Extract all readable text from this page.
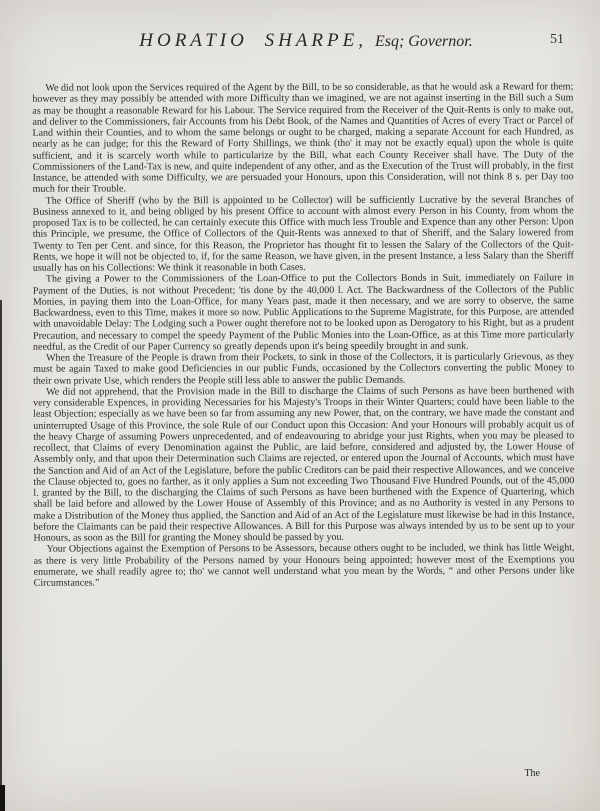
HORATIO SHARPE, Esq; Governor.	51

We did not look upon the Services required of the Agent by the Bill, to be so considerable, as that he would ask a Reward for them; however as they may possibly be attended with more Difficulty than we imagined, we are not against inserting in the Bill such a Sum as may be thought a reasonable Reward for his Labour. The Service required from the Receiver of the Quit-Rents is only to make out, and deliver to the Commissioners, fair Accounts from his Debt Book, of the Names and Quantities of Acres of every Tract or Parcel of Land within their Counties, and to whom the same belongs or ought to be charged, making a separate Account for each Hundred, as nearly as he can judge; for this the Reward of Forty Shillings, we think (tho' it may not be exactly equal) upon the whole is quite sufficient, and it is scarcely worth while to particularize by the Bill, what each County Receiver shall have. The Duty of the Commissioners of the Land-Tax is new, and quite independent of any other, and as the Execution of the Trust will probably, in the first Instance, be attended with some Difficulty, we are persuaded your Honours, upon this Consideration, will not think 8 s. per Day too much for their Trouble.

The Office of Sheriff (who by the Bill is appointed to be Collector) will be sufficiently Lucrative by the several Branches of Business annexed to it, and being obliged by his present Office to account with almost every Person in his County, from whom the proposed Tax is to be collected, he can certainly execute this Office with much less Trouble and Expence than any other Person: Upon this Principle, we presume, the Office of Collectors of the Quit-Rents was annexed to that of Sheriff, and the Salary lowered from Twenty to Ten per Cent. and since, for this Reason, the Proprietor has thought fit to lessen the Salary of the Collectors of the Quit-Rents, we hope it will not be objected to, if, for the same Reason, we have given, in the present Instance, a less Salary than the Sheriff usually has on his Collections: We think it reasonable in both Cases.

The giving a Power to the Commissioners of the Loan-Office to put the Collectors Bonds in Suit, immediately on Failure in Payment of the Duties, is not without Precedent; 'tis done by the 40,000 l. Act. The Backwardness of the Collectors of the Public Monies, in paying them into the Loan-Office, for many Years past, made it then necessary, and we are sorry to observe, the same Backwardness, even to this Time, makes it more so now. Public Applications to the Supreme Magistrate, for this Purpose, are attended with unavoidable Delay: The Lodging such a Power ought therefore not to be looked upon as Derogatory to his Right, but as a prudent Precaution, and necessary to compel the speedy Payment of the Public Monies into the Loan-Office, as at this Time more particularly needful, as the Credit of our Paper Currency so greatly depends upon it's being speedily brought in and sunk.

When the Treasure of the People is drawn from their Pockets, to sink in those of the Collectors, it is particularly Grievous, as they must be again Taxed to make good Deficiencies in our public Funds, occasioned by the Collectors converting the public Money to their own private Use, which renders the People still less able to answer the public Demands.

We did not apprehend, that the Provision made in the Bill to discharge the Claims of such Persons as have been burthened with very considerable Expences, in providing Necessaries for his Majesty's Troops in their Winter Quarters; could have been liable to the least Objection; especially as we have been so far from assuming any new Power, that, on the contrary, we have made the constant and uninterrupted Usage of this Province, the sole Rule of our Conduct upon this Occasion: And your Honours will probably acquit us of the heavy Charge of assuming Powers unprecedented, and of endeavouring to abridge your just Rights, when you may be pleased to recollect, that Claims of every Denomination against the Public, are laid before, considered and adjusted by, the Lower House of Assembly only, and that upon their Determination such Claims are rejected, or entered upon the Journal of Accounts, which must have the Sanction and Aid of an Act of the Legislature, before the public Creditors can be paid their respective Allowances, and we conceive the Clause objected to, goes no farther, as it only applies a Sum not exceeding Two Thousand Five Hundred Pounds, out of the 45,000 l. granted by the Bill, to the discharging the Claims of such Persons as have been burthened with the Expence of Quartering, which shall be laid before and allowed by the Lower House of Assembly of this Province; and as no Authority is vested in any Persons to make a Distribution of the Money thus applied, the Sanction and Aid of an Act of the Legislature must likewise be had in this Instance, before the Claimants can be paid their respective Allowances. A Bill for this Purpose was always intended by us to be sent up to your Honours, as soon as the Bill for granting the Money should be passed by you.

Your Objections against the Exemption of Persons to be Assessors, because others ought to be included, we think has little Weight, as there is very little Probability of the Persons named by your Honours being appointed; however most of the Exemptions you enumerate, we shall readily agree to; tho' we cannot well understand what you mean by the Words, “ and other Persons under like Circumstances.”

The
